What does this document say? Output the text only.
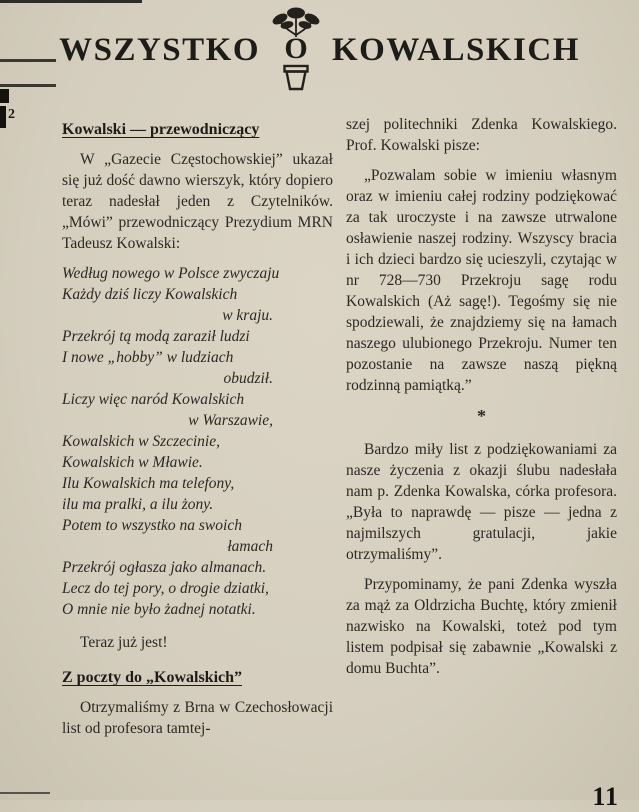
2
WSZYSTKO O KOWALSKICH
Kowalski — przewodniczący

W „Gazecie Częstochowskiej” ukazał się już dość dawno wierszyk, który dopiero teraz nadesłał jeden z Czytelników. „Mówi” przewodniczący Prezydium MRN Tadeusz Kowalski:

Według nowego w Polsce zwyczaju
Każdy dziś liczy Kowalskich
w kraju.
Przekrój tą modą zaraził ludzi
I nowe „hobby” w ludziach
obudził.
Liczy więc naród Kowalskich
w Warszawie,
Kowalskich w Szczecinie,
Kowalskich w Mławie.
Ilu Kowalskich ma telefony,
ilu ma pralki, a ilu żony.
Potem to wszystko na swoich
łamach
Przekrój ogłasza jako almanach.
Lecz do tej pory, o drogie dziatki,
O mnie nie było żadnej notatki.

Teraz już jest!

Z poczty do „Kowalskich”

Otrzymaliśmy z Brna w Czechosłowacji list od profesora tamtej-

szej politechniki Zdenka Kowalskiego. Prof. Kowalski pisze:

„Pozwalam sobie w imieniu własnym oraz w imieniu całej rodziny podziękować za tak uroczyste i na zawsze utrwalone osławienie naszej rodziny. Wszyscy bracia i ich dzieci bardzo się ucieszyli, czytając w nr 728—730 Przekroju sagę rodu Kowalskich (Aż sagę!). Tegośmy się nie spodziewali, że znajdziemy się na łamach naszego ulubionego Przekroju. Numer ten pozostanie na zawsze naszą piękną rodzinną pamiątką.”

*

Bardzo miły list z podziękowaniami za nasze życzenia z okazji ślubu nadesłała nam p. Zdenka Kowalska, córka profesora. „Była to naprawdę — pisze — jedna z najmilszych gratulacji, jakie otrzymaliśmy”.

Przypominamy, że pani Zdenka wyszła za mąż za Oldrzicha Buchtę, który zmienił nazwisko na Kowalski, toteż pod tym listem podpisał się zabawnie „Kowalski z domu Buchta”.

11
